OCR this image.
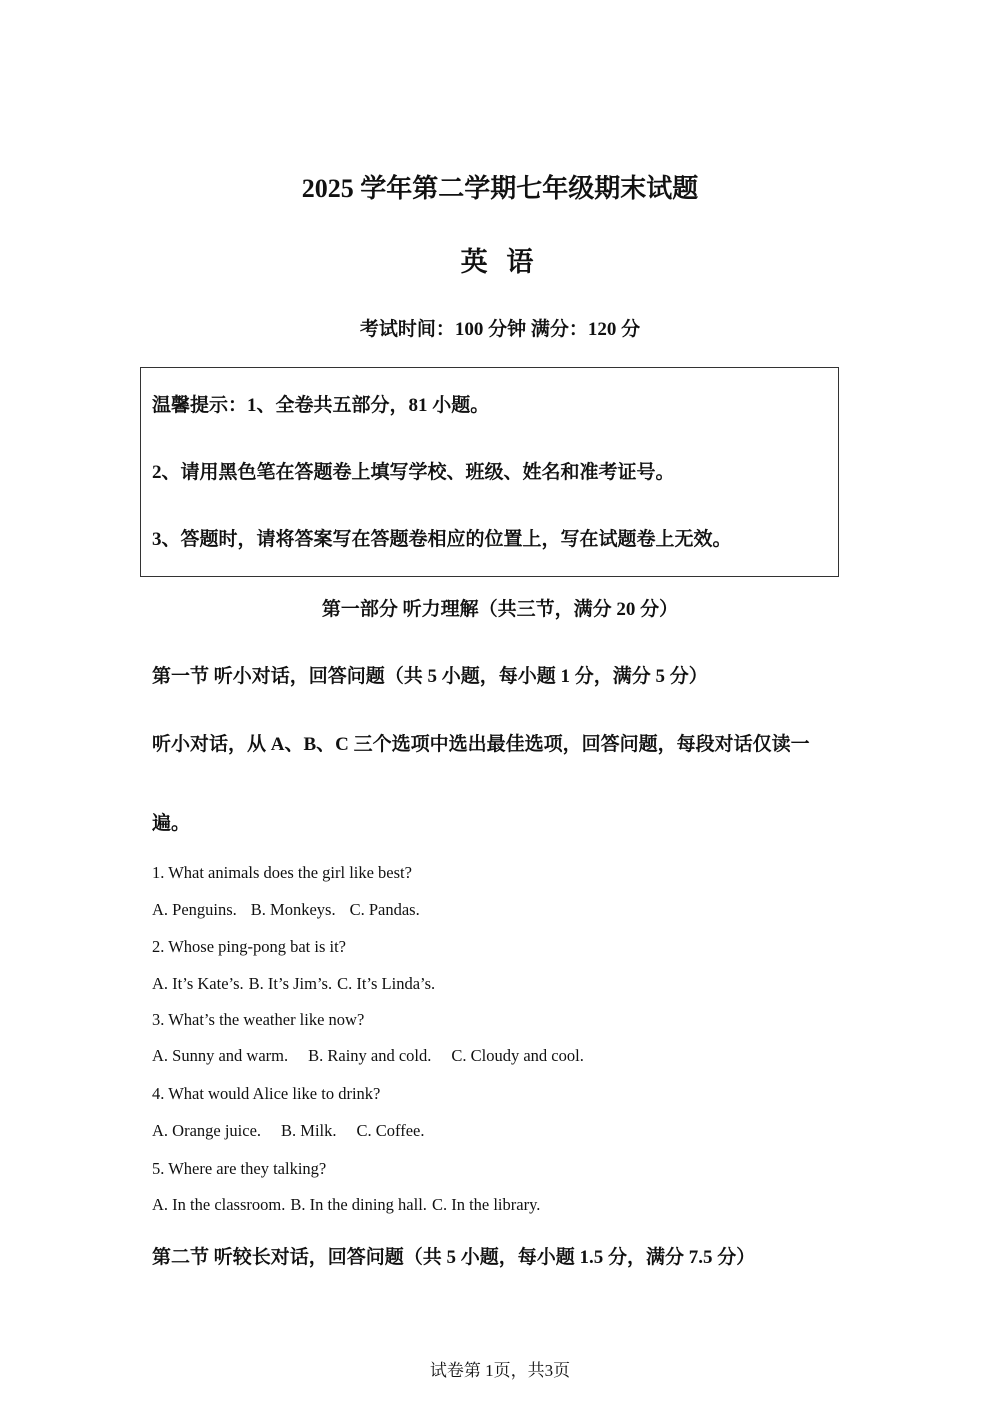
2025 学年第二学期七年级期末试题
英 语
考试时间：100 分钟 满分：120 分
温馨提示：1、全卷共五部分，81 小题。
2、请用黑色笔在答题卷上填写学校、班级、姓名和准考证号。
3、答题时，请将答案写在答题卷相应的位置上，写在试题卷上无效。
第一部分 听力理解（共三节，满分 20 分）
第一节 听小对话，回答问题（共 5 小题，每小题 1 分，满分 5 分）
听小对话，从 A、B、C 三个选项中选出最佳选项，回答问题，每段对话仅读一
遍。
1. What animals does the girl like best?
A. Penguins. B. Monkeys. C. Pandas.
2. Whose ping-pong bat is it?
A. It’s Kate’s. B. It’s Jim’s. C. It’s Linda’s.
3. What’s the weather like now?
A. Sunny and warm. B. Rainy and cold. C. Cloudy and cool.
4. What would Alice like to drink?
A. Orange juice. B. Milk. C. Coffee.
5. Where are they talking?
A. In the classroom. B. In the dining hall. C. In the library.
第二节 听较长对话，回答问题（共 5 小题，每小题 1.5 分，满分 7.5 分）
试卷第 1页，共3页
